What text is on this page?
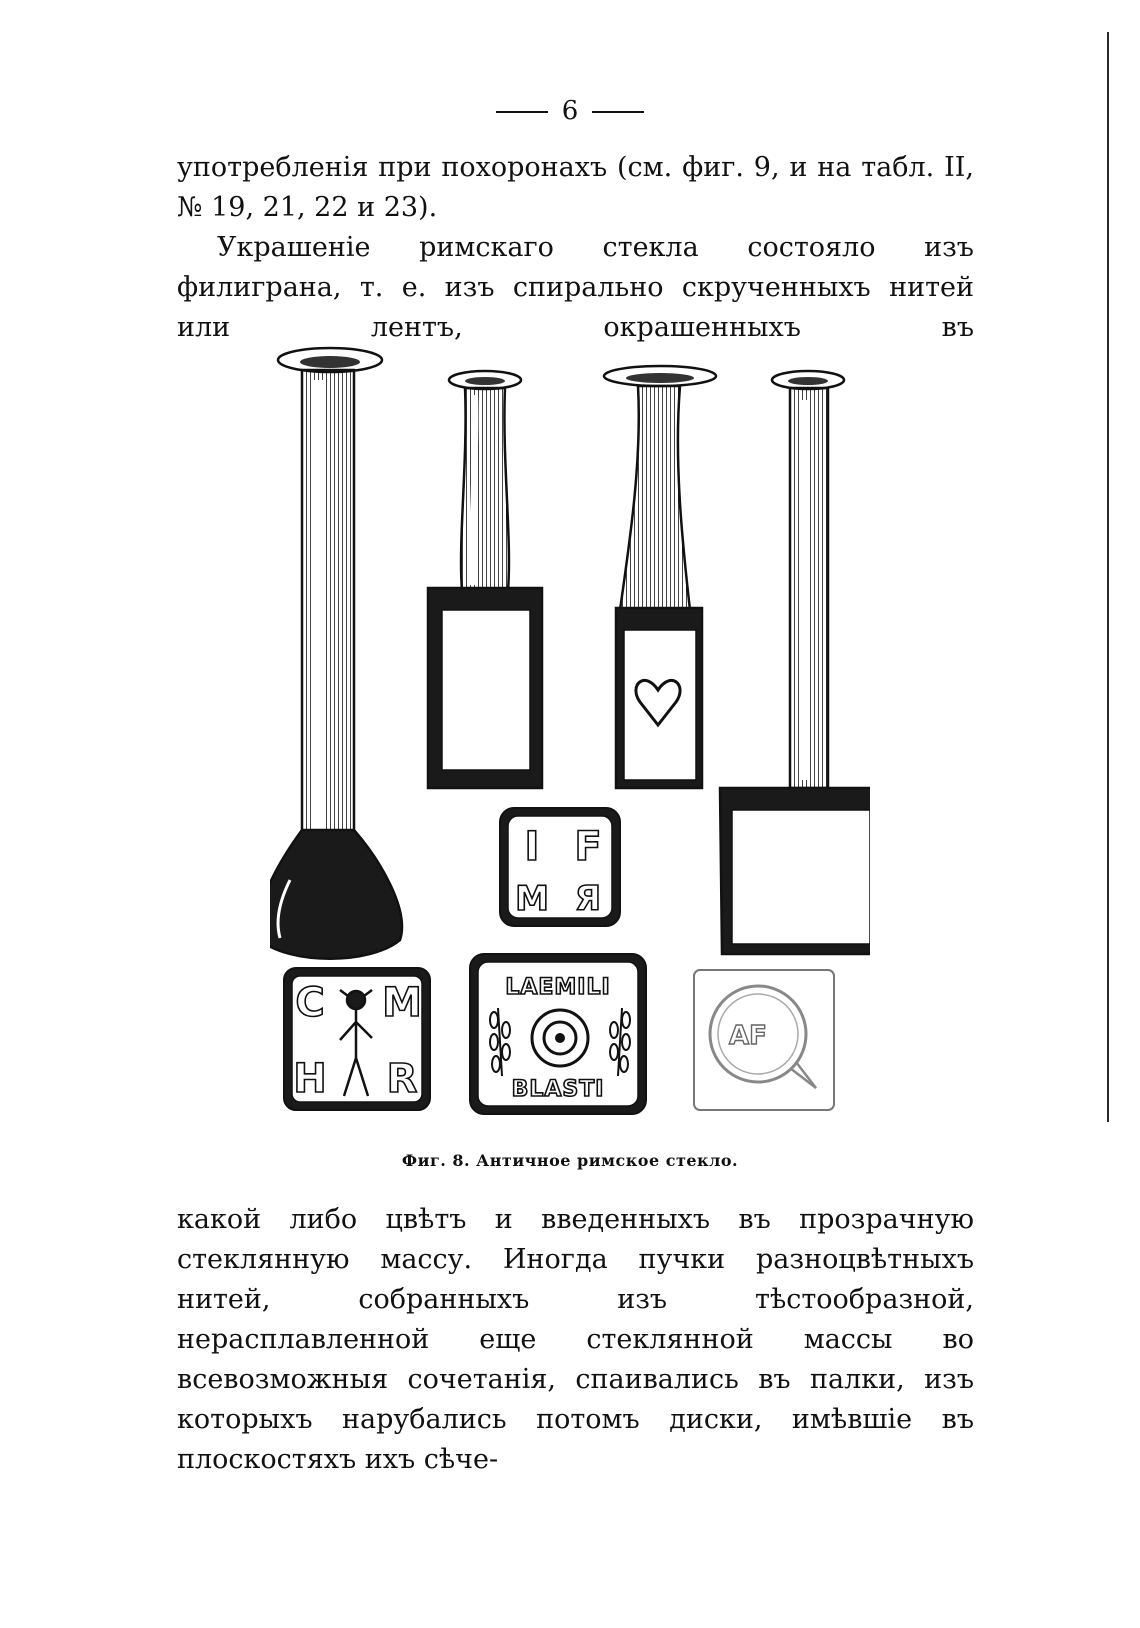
6

употребленія при похоронахъ (см. фиг. 9, и на табл. II, № 19, 21, 22 и 23).

Украшеніе римскаго стекла состояло изъ филиграна, т. е. изъ спирально скрученныхъ нитей или лентъ, окрашенныхъ въ

F
I
M Я
C M
H R
LAEMILI
BLASTI
AF
Фиг. 8. Античное римское стекло.

какой либо цвѣтъ и введенныхъ въ прозрачную стеклянную массу. Иногда пучки разноцвѣтныхъ нитей, собранныхъ изъ тѣстообразной, нерасплавленной еще стеклянной массы во всевозможныя сочетанія, спаивались въ палки, изъ которыхъ нарубались потомъ диски, имѣвшіе въ плоскостяхъ ихъ сѣче-
